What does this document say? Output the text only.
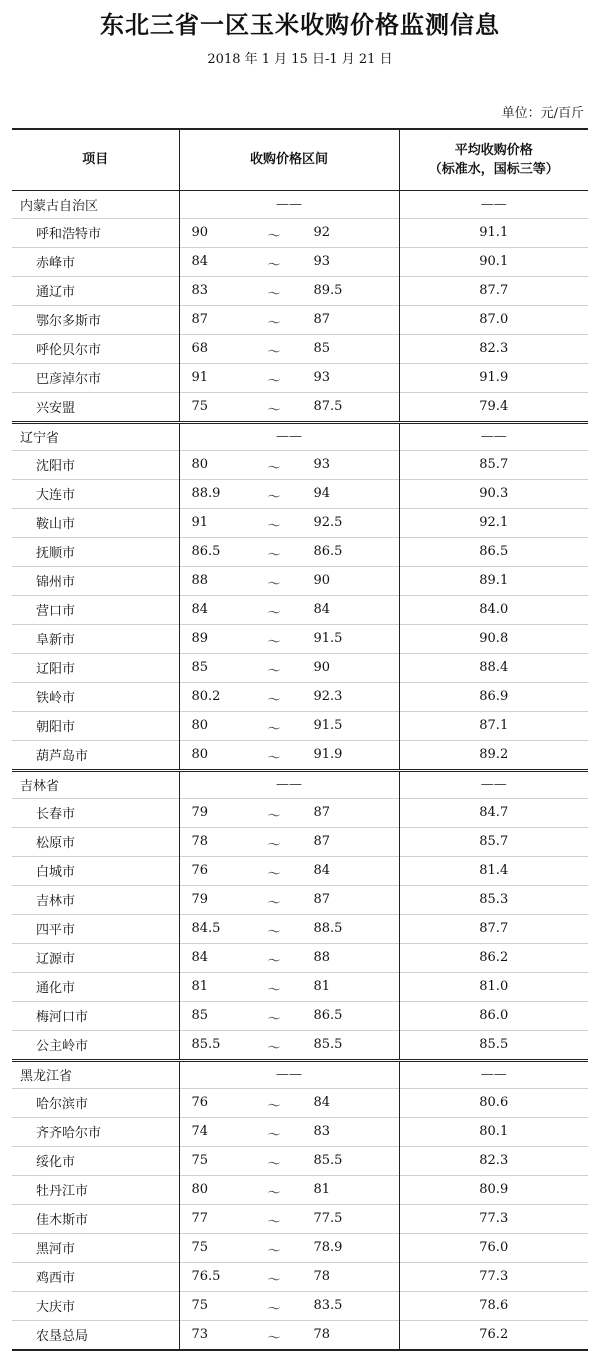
东北三省一区玉米收购价格监测信息
2018 年 1 月 15 日-1 月 21 日
单位：元/百斤
项目	收购价格区间	平均收购价格
（标准水，国标三等）

内蒙古自治区	——	——
呼和浩特市	90 ～ 92	91.1
赤峰市	84 ～ 93	90.1
通辽市	83 ～ 89.5	87.7
鄂尔多斯市	87 ～ 87	87.0
呼伦贝尔市	68 ～ 85	82.3
巴彦淖尔市	91 ～ 93	91.9
兴安盟	75 ～ 87.5	79.4
辽宁省	——	——
沈阳市	80 ～ 93	85.7
大连市	88.9 ～ 94	90.3
鞍山市	91 ～ 92.5	92.1
抚顺市	86.5 ～ 86.5	86.5
锦州市	88 ～ 90	89.1
营口市	84 ～ 84	84.0
阜新市	89 ～ 91.5	90.8
辽阳市	85 ～ 90	88.4
铁岭市	80.2 ～ 92.3	86.9
朝阳市	80 ～ 91.5	87.1
葫芦岛市	80 ～ 91.9	89.2
吉林省	——	——
长春市	79 ～ 87	84.7
松原市	78 ～ 87	85.7
白城市	76 ～ 84	81.4
吉林市	79 ～ 87	85.3
四平市	84.5 ～ 88.5	87.7
辽源市	84 ～ 88	86.2
通化市	81 ～ 81	81.0
梅河口市	85 ～ 86.5	86.0
公主岭市	85.5 ～ 85.5	85.5
黑龙江省	——	——
哈尔滨市	76 ～ 84	80.6
齐齐哈尔市	74 ～ 83	80.1
绥化市	75 ～ 85.5	82.3
牡丹江市	80 ～ 81	80.9
佳木斯市	77 ～ 77.5	77.3
黑河市	75 ～ 78.9	76.0
鸡西市	76.5 ～ 78	77.3
大庆市	75 ～ 83.5	78.6
农垦总局	73 ～ 78	76.2
